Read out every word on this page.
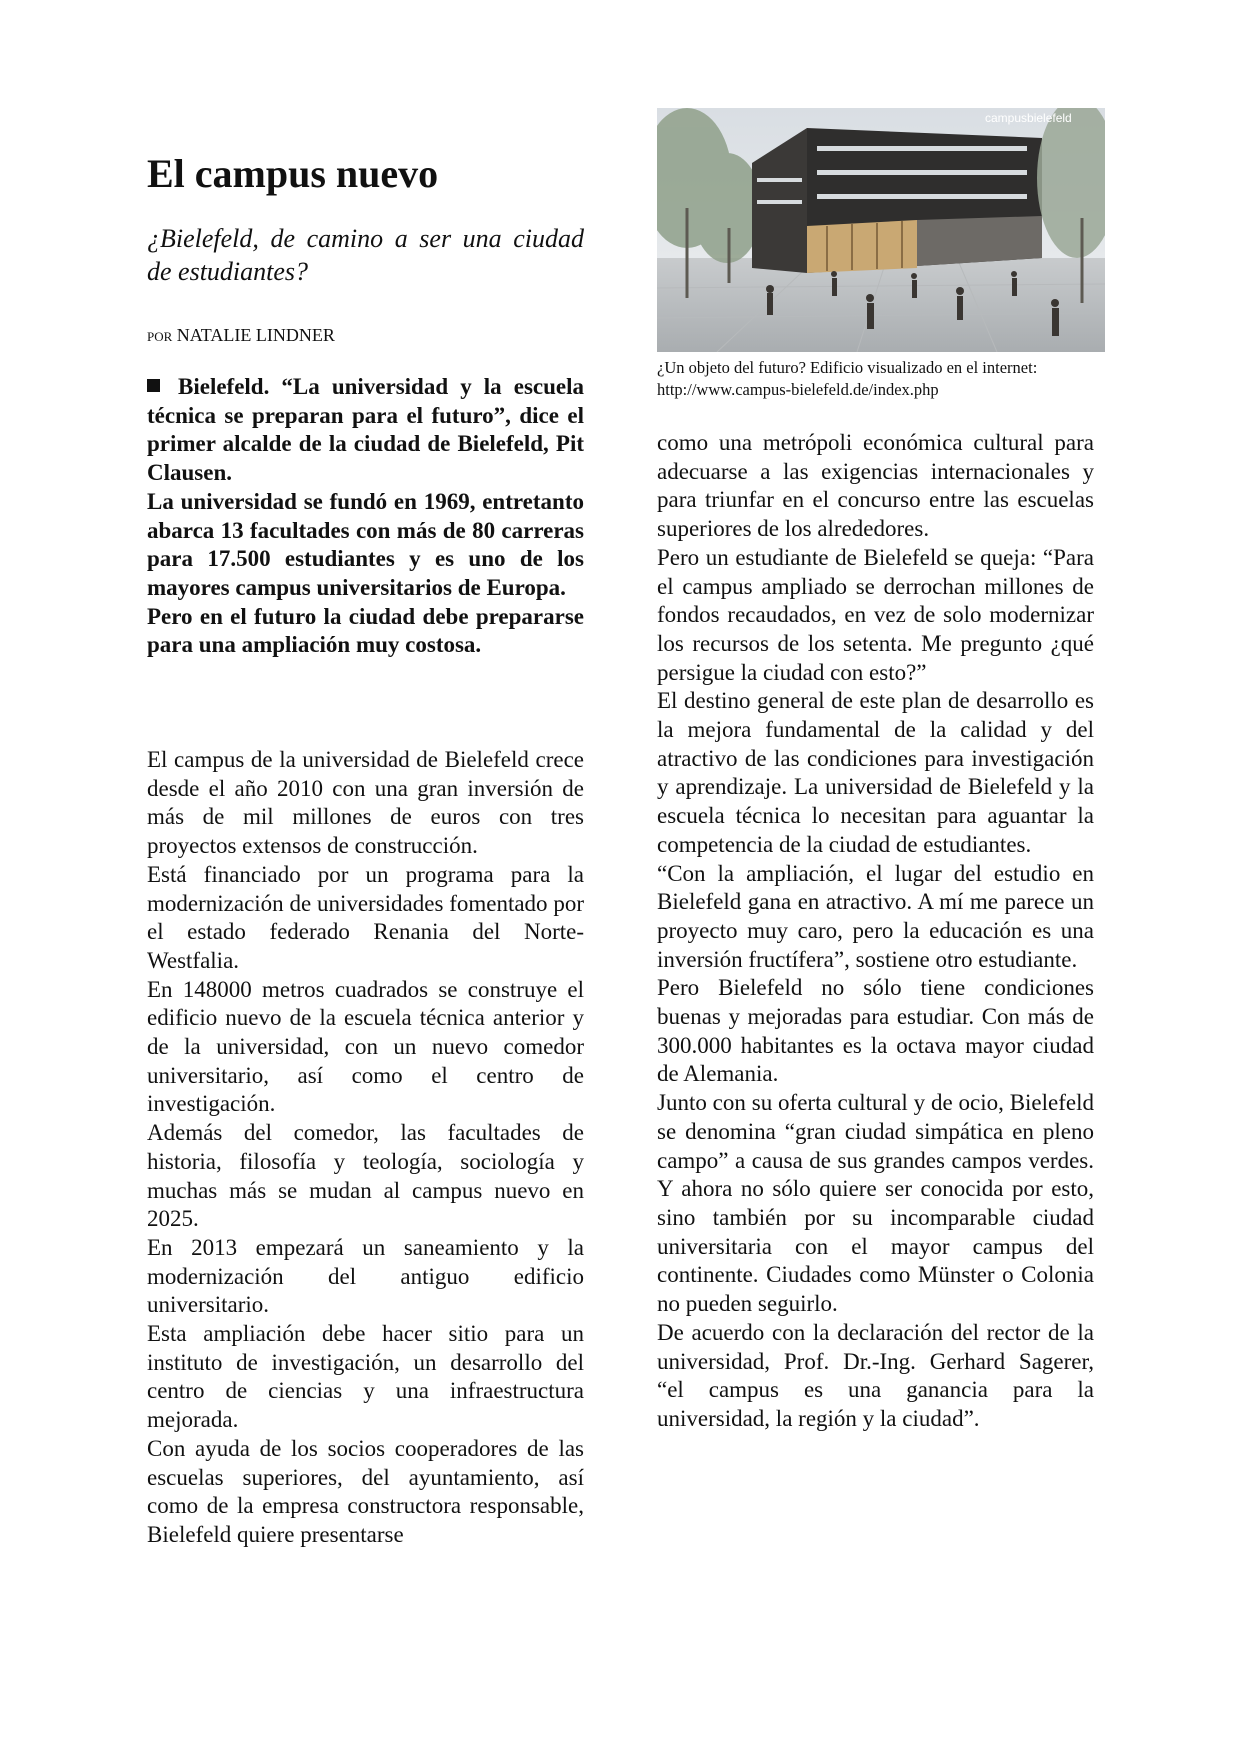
El campus nuevo

¿Bielefeld, de camino a ser una ciudad de estudiantes?

POR NATALIE LINDNER

Bielefeld. “La universidad y la escuela técnica se preparan para el futuro”, dice el primer alcalde de la ciudad de Bielefeld, Pit Clausen.

La universidad se fundó en 1969, entretanto abarca 13 facultades con más de 80 carreras para 17.500 estudiantes y es uno de los mayores campus universitarios de Europa.

Pero en el futuro la ciudad debe prepararse para una ampliación muy costosa.

El campus de la universidad de Bielefeld crece desde el año 2010 con una gran inversión de más de mil millones de euros con tres proyectos extensos de construcción.

Está financiado por un programa para la modernización de universidades fomentado por el estado federado Renania del Norte-Westfalia.

En 148000 metros cuadrados se construye el edificio nuevo de la escuela técnica anterior y de la universidad, con un nuevo comedor universitario, así como el centro de investigación.

Además del comedor, las facultades de historia, filosofía y teología, sociología y muchas más se mudan al campus nuevo en 2025.

En 2013 empezará un saneamiento y la modernización del antiguo edificio universitario.

Esta ampliación debe hacer sitio para un instituto de investigación, un desarrollo del centro de ciencias y una infraestructura mejorada.

Con ayuda de los socios cooperadores de las escuelas superiores, del ayuntamiento, así como de la empresa constructora responsable, Bielefeld quiere presentarse

campusbielefeld

¿Un objeto del futuro? Edificio visualizado en el internet:
http://www.campus-bielefeld.de/index.php

como una metrópoli económica cultural para adecuarse a las exigencias internacionales y para triunfar en el concurso entre las escuelas superiores de los alrededores.

Pero un estudiante de Bielefeld se queja: “Para el campus ampliado se derrochan millones de fondos recaudados, en vez de solo modernizar los recursos de los setenta. Me pregunto ¿qué persigue la ciudad con esto?”

El destino general de este plan de desarrollo es la mejora fundamental de la calidad y del atractivo de las condiciones para investigación y aprendizaje. La universidad de Bielefeld y la escuela técnica lo necesitan para aguantar la competencia de la ciudad de estudiantes.

“Con la ampliación, el lugar del estudio en Bielefeld gana en atractivo. A mí me parece un proyecto muy caro, pero la educación es una inversión fructífera”, sostiene otro estudiante.

Pero Bielefeld no sólo tiene condiciones buenas y mejoradas para estudiar. Con más de 300.000 habitantes es la octava mayor ciudad de Alemania.

Junto con su oferta cultural y de ocio, Bielefeld se denomina “gran ciudad simpática en pleno campo” a causa de sus grandes campos verdes. Y ahora no sólo quiere ser conocida por esto, sino también por su incomparable ciudad universitaria con el mayor campus del continente. Ciudades como Münster o Colonia no pueden seguirlo.

De acuerdo con la declaración del rector de la universidad, Prof. Dr.-Ing. Gerhard Sagerer, “el campus es una ganancia para la universidad, la región y la ciudad”.
